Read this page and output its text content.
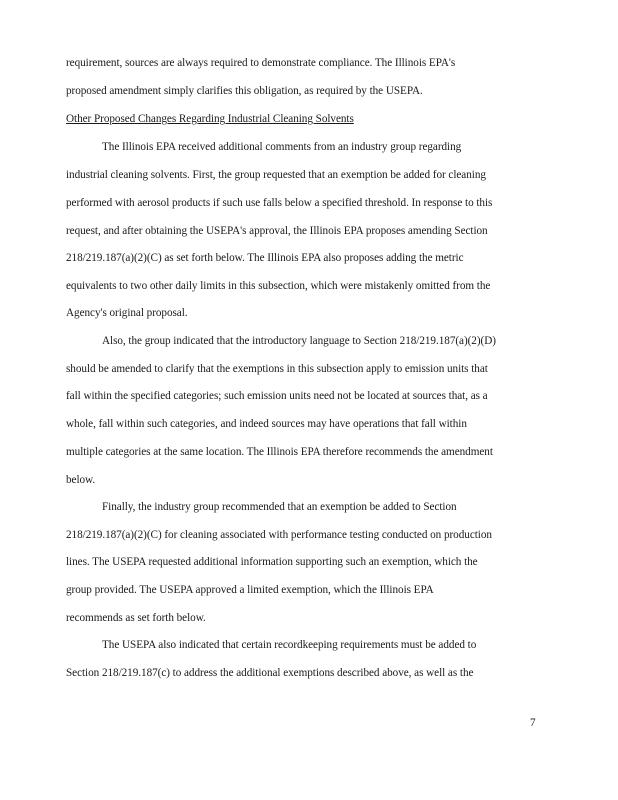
requirement, sources are always required to demonstrate compliance. The Illinois EPA's
proposed amendment simply clarifies this obligation, as required by the USEPA.
Other Proposed Changes Regarding Industrial Cleaning Solvents
The Illinois EPA received additional comments from an industry group regarding
industrial cleaning solvents. First, the group requested that an exemption be added for cleaning
performed with aerosol products if such use falls below a specified threshold. In response to this
request, and after obtaining the USEPA's approval, the Illinois EPA proposes amending Section
218/219.187(a)(2)(C) as set forth below. The Illinois EPA also proposes adding the metric
equivalents to two other daily limits in this subsection, which were mistakenly omitted from the
Agency's original proposal.
Also, the group indicated that the introductory language to Section 218/219.187(a)(2)(D)
should be amended to clarify that the exemptions in this subsection apply to emission units that
fall within the specified categories; such emission units need not be located at sources that, as a
whole, fall within such categories, and indeed sources may have operations that fall within
multiple categories at the same location. The Illinois EPA therefore recommends the amendment
below.
Finally, the industry group recommended that an exemption be added to Section
218/219.187(a)(2)(C) for cleaning associated with performance testing conducted on production
lines. The USEPA requested additional information supporting such an exemption, which the
group provided. The USEPA approved a limited exemption, which the Illinois EPA
recommends as set forth below.
The USEPA also indicated that certain recordkeeping requirements must be added to
Section 218/219.187(c) to address the additional exemptions described above, as well as the
7
